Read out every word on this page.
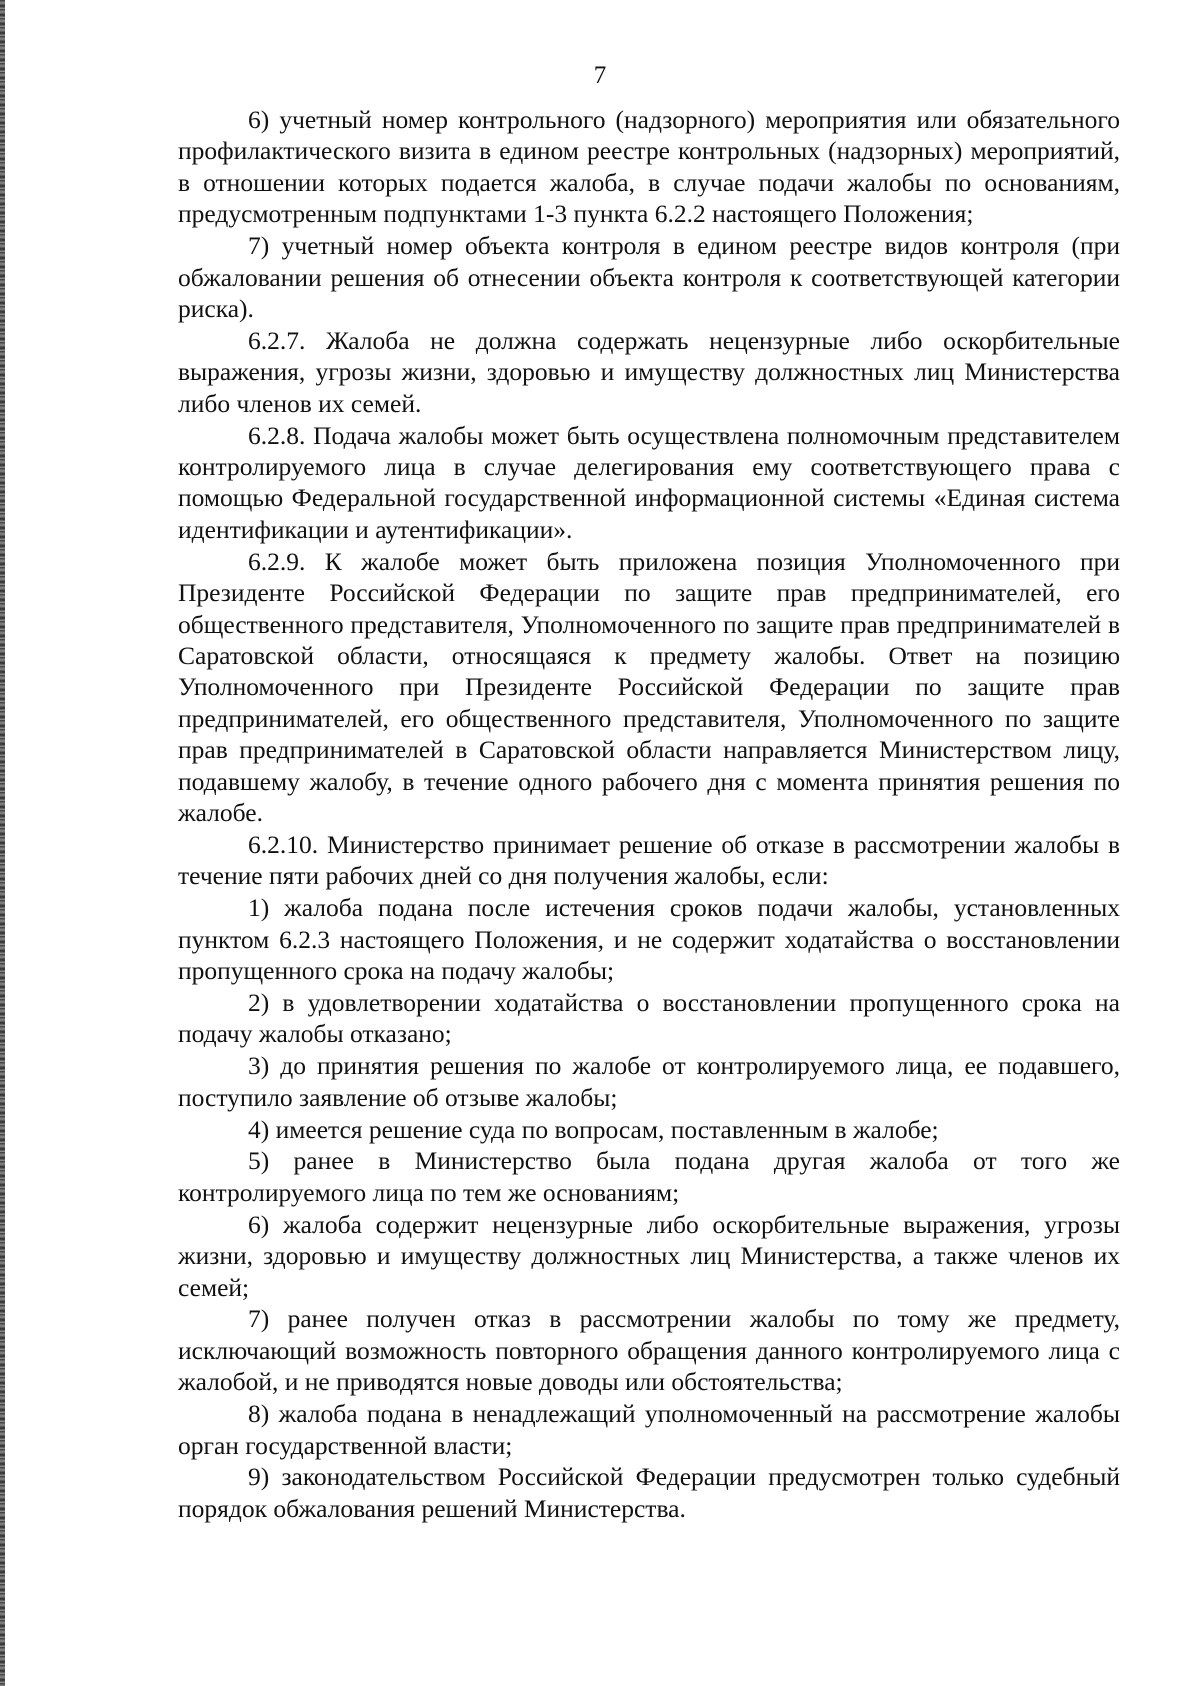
7

6) учетный номер контрольного (надзорного) мероприятия или обязательного профилактического визита в едином реестре контрольных (надзорных) мероприятий, в отношении которых подается жалоба, в случае подачи жалобы по основаниям, предусмотренным подпунктами 1-3 пункта 6.2.2 настоящего Положения;

7) учетный номер объекта контроля в едином реестре видов контроля (при обжаловании решения об отнесении объекта контроля к соответствующей категории риска).

6.2.7. Жалоба не должна содержать нецензурные либо оскорбительные выражения, угрозы жизни, здоровью и имуществу должностных лиц Министерства либо членов их семей.

6.2.8. Подача жалобы может быть осуществлена полномочным представителем контролируемого лица в случае делегирования ему соответствующего права с помощью Федеральной государственной информационной системы «Единая система идентификации и аутентификации».

6.2.9. К жалобе может быть приложена позиция Уполномоченного при Президенте Российской Федерации по защите прав предпринимателей, его общественного представителя, Уполномоченного по защите прав предпринимателей в Саратовской области, относящаяся к предмету жалобы. Ответ на позицию Уполномоченного при Президенте Российской Федерации по защите прав предпринимателей, его общественного представителя, Уполномоченного по защите прав предпринимателей в Саратовской области направляется Министерством лицу, подавшему жалобу, в течение одного рабочего дня с момента принятия решения по жалобе.

6.2.10. Министерство принимает решение об отказе в рассмотрении жалобы в течение пяти рабочих дней со дня получения жалобы, если:

1) жалоба подана после истечения сроков подачи жалобы, установленных пунктом 6.2.3 настоящего Положения, и не содержит ходатайства о восстановлении пропущенного срока на подачу жалобы;

2) в удовлетворении ходатайства о восстановлении пропущенного срока на подачу жалобы отказано;

3) до принятия решения по жалобе от контролируемого лица, ее подавшего, поступило заявление об отзыве жалобы;

4) имеется решение суда по вопросам, поставленным в жалобе;

5) ранее в Министерство была подана другая жалоба от того же контролируемого лица по тем же основаниям;

6) жалоба содержит нецензурные либо оскорбительные выражения, угрозы жизни, здоровью и имуществу должностных лиц Министерства, а также членов их семей;

7) ранее получен отказ в рассмотрении жалобы по тому же предмету, исключающий возможность повторного обращения данного контролируемого лица с жалобой, и не приводятся новые доводы или обстоятельства;

8) жалоба подана в ненадлежащий уполномоченный на рассмотрение жалобы орган государственной власти;

9) законодательством Российской Федерации предусмотрен только судебный порядок обжалования решений Министерства.
